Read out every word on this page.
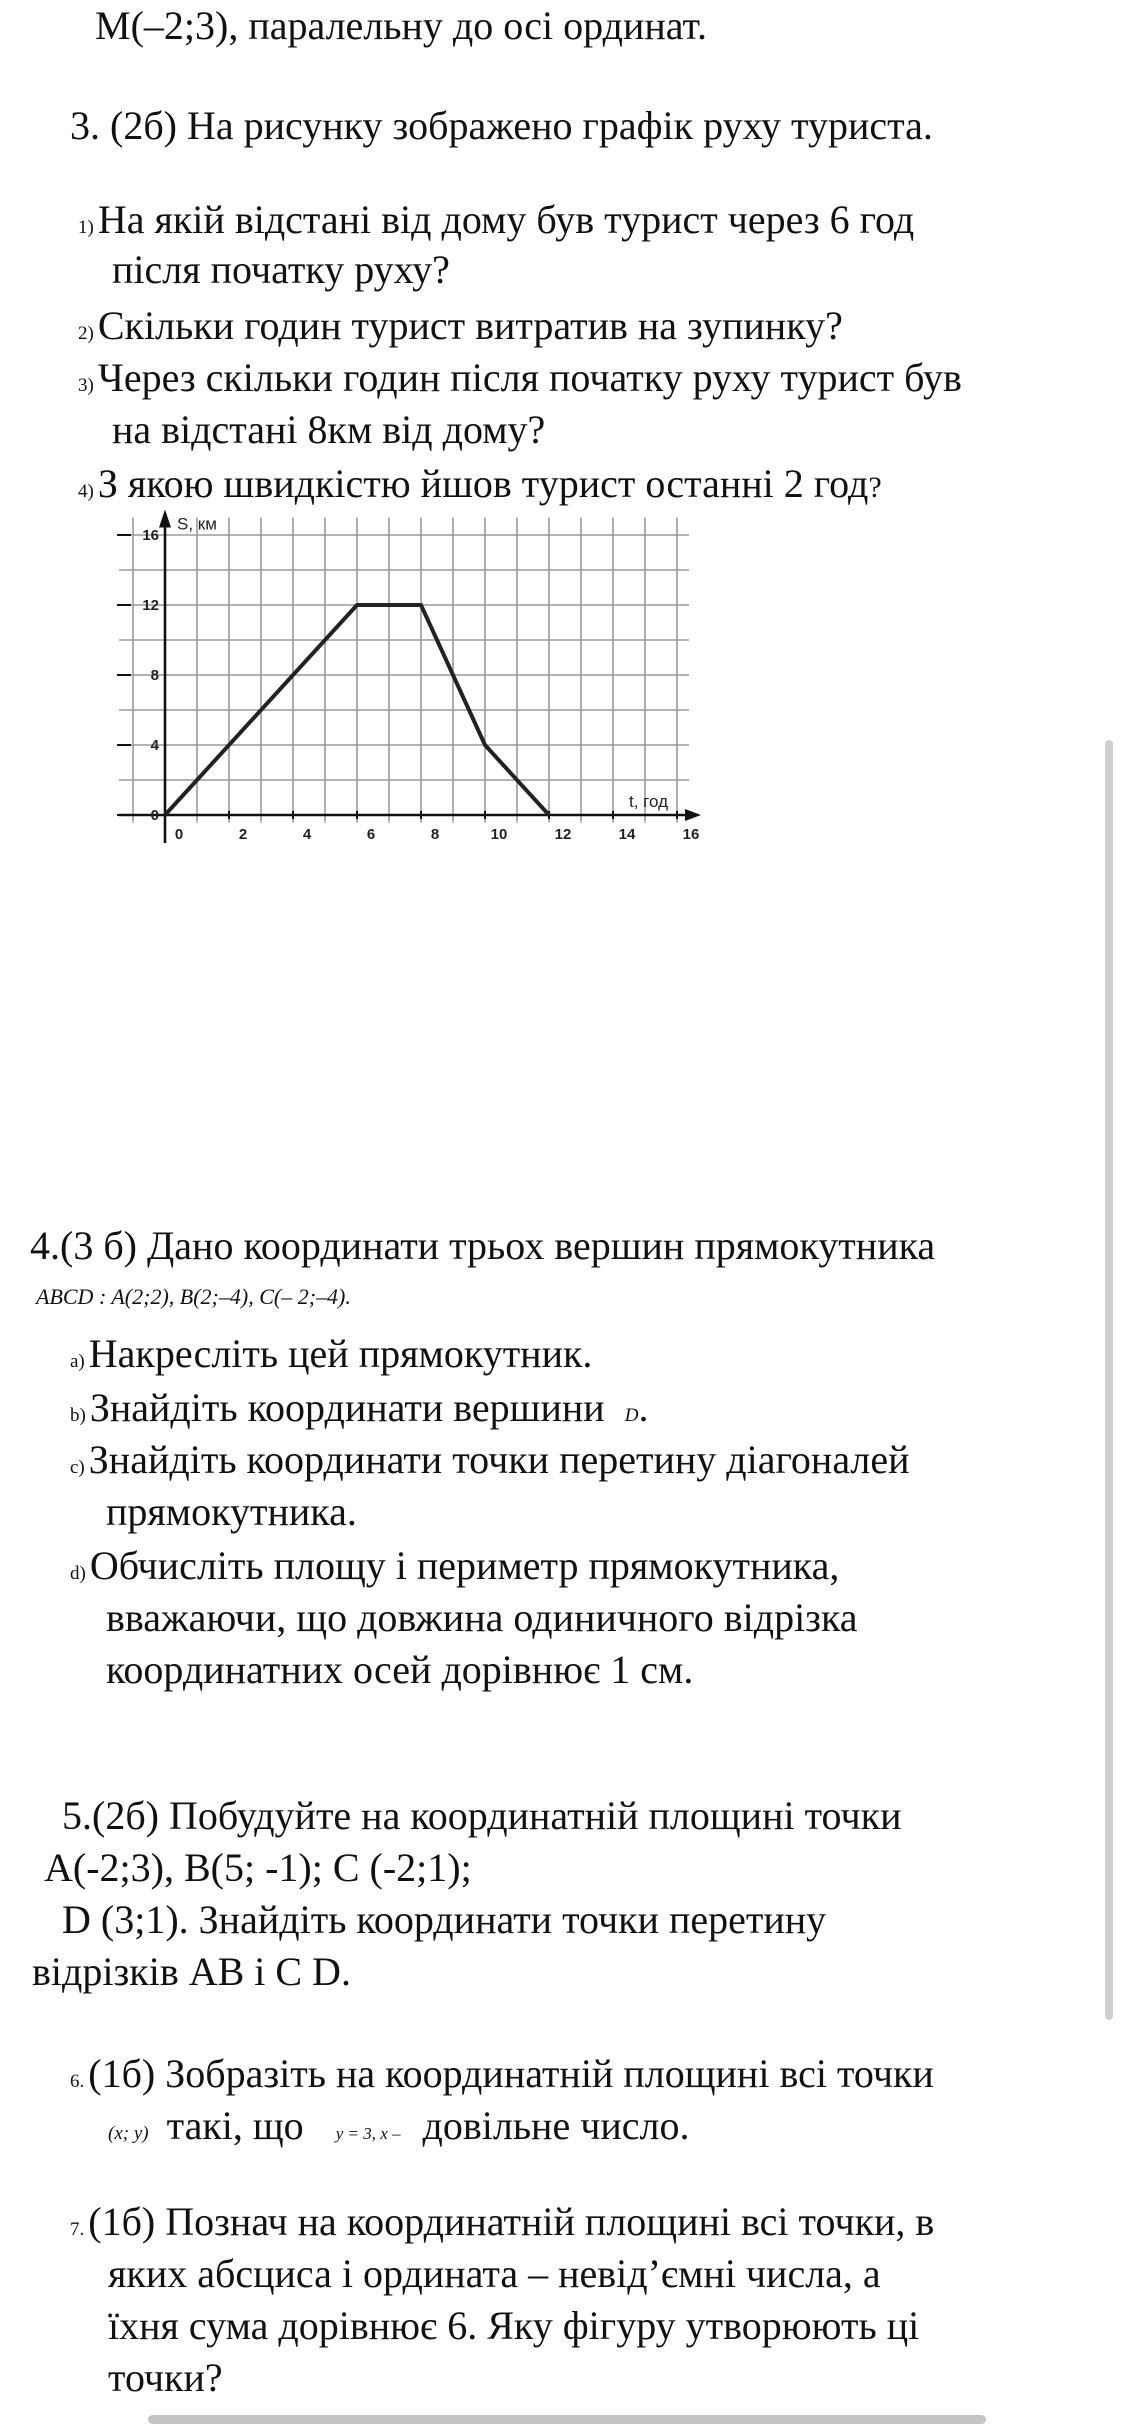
M(–2;3), паралельну до осі ординат.
3. (2б) На рисунку зображено графік руху туриста.
1) На якій відстані від дому був турист через 6 год
після початку руху?
2) Скільки годин турист витратив на зупинку?
3) Через скільки годин після початку руху турист був
на відстані 8км від дому?
4) З якою швидкістю йшов турист останні 2 год?
0	2	4	6	8	10	12	14	16
0
4
8
12
16
S, км
t, год
4.(3 б) Дано координати трьох вершин прямокутника
ABCD : A(2;2), B(2;–4), C(– 2;–4).
a) Накресліть цей прямокутник.
b) Знайдіть координати вершини D.
c) Знайдіть координати точки перетину діагоналей
прямокутника.
d) Обчисліть площу і периметр прямокутника,
вважаючи, що довжина одиничного відрізка
координатних осей дорівнює 1 см.
5.(2б) Побудуйте на координатній площині точки
A(-2;3), B(5; -1); C (-2;1);
D (3;1). Знайдіть координати точки перетину
відрізків AB і C D.
6. (1б) Зобразіть на координатній площині всі точки
(x; y) такі, що y = 3, x – довільне число.
7. (1б) Познач на координатній площині всі точки, в
яких абсциса і ордината – невід’ємні числа, а
їхня сума дорівнює 6. Яку фігуру утворюють ці
точки?
